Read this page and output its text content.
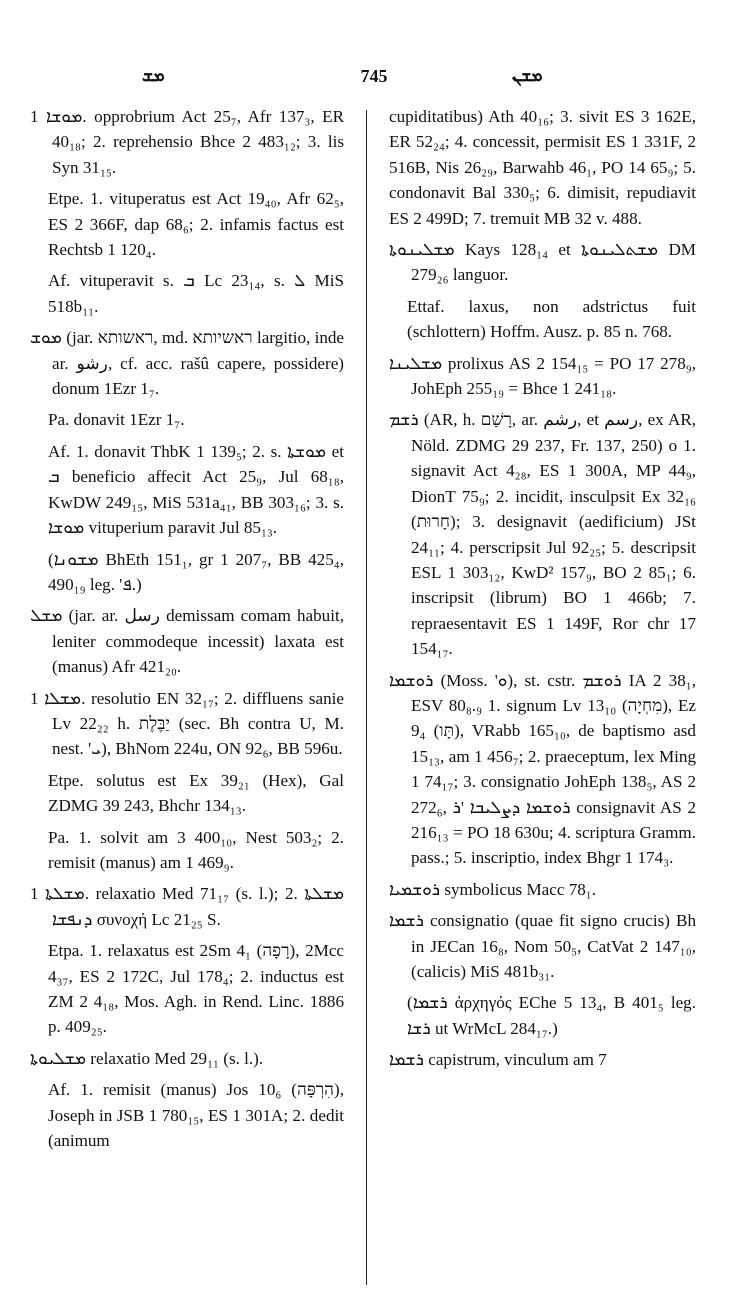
ܡܫ	745	ܡܫܢ

ܡܘܫܐ 1. opprobrium Act 25₇, Afr 137₃, ER 40₁₈; 2. reprehensio Bhce 2 483₁₂; 3. lis Syn 31₁₅.

Etpe. 1. vituperatus est Act 19₄₀, Afr 62₅, ES 2 366F, dap 68₆; 2. infamis factus est Rechtsb 1 120₄.

Af. vituperavit s. ܒ Lc 23₁₄, s. ܠ MiS 518b₁₁.

ܡܘܫ (jar. ראשותא, md. ראשיותא largitio, inde ar. رشو, cf. acc. rašû capere, possidere) donum 1Ezr 1₇.

Pa. donavit 1Ezr 1₇.

Af. 1. donavit ThbK 1 139₅; 2. s. ܡܘܫܬܐ et ܒ beneficio affecit Act 25₉, Jul 68₁₈, KwDW 249₁₅, MiS 531a₄₁, BB 303₁₆; 3. s. ܡܘܫܐ vituperium paravit Jul 85₁₃.

(ܡܫܘܢܐ BhEth 151₁, gr 1 207₇, BB 425₄, 490₁₉ leg. 'ܦ.)

ܡܫܠ (jar. ar. رسل demissam comam habuit, leniter commodeque incessit) laxata est (manus) Afr 421₂₀.

ܡܫܠܐ 1. resolutio EN 32₁₇; 2. diffluens sanie Lv 22₂₂ h. יַבֶּלֶת (sec. Bh contra U, M. nest. 'ܝ), BhNom 224u, ON 92₆, BB 596u.

Etpe. solutus est Ex 39₂₁ (Hex), Gal ZDMG 39 243, Bhchr 134₁₃.

Pa. 1. solvit am 3 400₁₀, Nest 503₂; 2. remisit (manus) am 1 469₉.

ܡܫܠܬܐ 1. relaxatio Med 71₁₇ (s. l.); 2. ܡܫܠܬܐ ܕܢܦܫܐ συνοχή Lc 21₂₅ S.

Etpa. 1. relaxatus est 2Sm 4₁ (רָפָה), 2Mcc 4₃₇, ES 2 172C, Jul 178₄; 2. inductus est ZM 2 4₁₈, Mos. Agh. in Rend. Linc. 1886 p. 409₂₅.

ܡܫܠܝܘܬܐ relaxatio Med 29₁₁ (s. l.).

Af. 1. remisit (manus) Jos 10₆ (הִרְפָּה), Joseph in JSB 1 780₁₅, ES 1 301A; 2. dedit (animum

cupiditatibus) Ath 40₁₆; 3. sivit ES 3 162E, ER 52₂₄; 4. concessit, permisit ES 1 331F, 2 516B, Nis 26₂₉, Barwahb 46₁, PO 14 65₉; 5. condonavit Bal 330₅; 6. dimisit, repudiavit ES 2 499D; 7. tremuit MB 32 v. 488.

ܡܫܠܝܢܘܬܐ Kays 128₁₄ et ܡܫܬܠܝܢܘܬܐ DM 279₂₆ languor.

Ettaf. laxus, non adstrictus fuit (schlottern) Hoffm. Ausz. p. 85 n. 768.

ܡܫܠܝܢܐ prolixus AS 2 154₁₅ = PO 17 278₉, JohEph 255₁₉ = Bhce 1 241₁₈.

ܪܫܡ (AR, h. רָשַׁם, ar. رشم, et رسم, ex AR, Nöld. ZDMG 29 237, Fr. 137, 250) o 1. signavit Act 4₂₈, ES 1 300A, MP 44₉, DionT 75₉; 2. incidit, insculpsit Ex 32₁₆ (חָרוּת); 3. designavit (aedificium) JSt 24₁₁; 4. perscripsit Jul 92₂₅; 5. descripsit ESL 1 303₁₂, KwD² 157₉, BO 2 85₁; 6. inscripsit (librum) BO 1 466b; 7. repraesentavit ES 1 149F, Ror chr 17 154₁₇.

ܪܘܫܡܐ (Moss. 'ܘ), st. cstr. ܪܘܫܡ IA 2 38₁, ESV 80₈.₉ 1. signum Lv 13₁₀ (מִחְיָה), Ez 9₄ (תָּו), VRabb 165₁₀, de baptismo asd 15₁₃, am 1 456₇; 2. praeceptum, lex Ming 1 74₁₇; 3. consignatio JohEph 138₅, AS 2 272₆, ܪܘܫܡܐ ܕܨܠܝܒܐ 'ܪ consignavit AS 2 216₁₃ = PO 18 630u; 4. scriptura Gramm. pass.; 5. inscriptio, index Bhgr 1 174₃.

ܪܘܫܡܝܐ symbolicus Macc 78₁.

ܪܫܡܐ consignatio (quae fit signo crucis) Bh in JECan 16₈, Nom 50₅, CatVat 2 147₁₀, (calicis) MiS 481b₃₁.

(ܪܫܡܐ ἀρχηγός EChe 5 13₄, B 401₅ leg. ܪܫܐ ut WrMcL 284₁₇.)

ܪܫܡܐ capistrum, vinculum am 7
